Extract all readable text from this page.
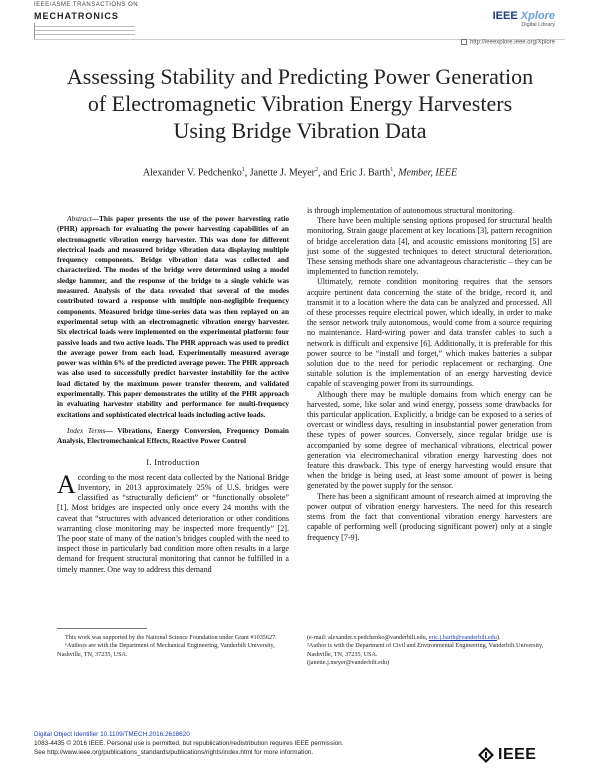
IEEE/ASME TRANSACTIONS ON
MECHATRONICS	IEEE Xplore
Digital Library
http://ieeexplore.ieee.org/Xplore
Assessing Stability and Predicting Power Generation of Electromagnetic Vibration Energy Harvesters Using Bridge Vibration Data
Alexander V. Pedchenko$^1$, Janette J. Meyer$^2$, and Eric J. Barth$^1$, Member, IEEE
Abstract—This paper presents the use of the power harvesting ratio (PHR) approach for evaluating the power harvesting capabilities of an electromagnetic vibration energy harvester. This was done for different electrical loads and measured bridge vibration data displaying multiple frequency components. Bridge vibration data was collected and characterized. The modes of the bridge were determined using a model sledge hammer, and the response of the bridge to a single vehicle was measured. Analysis of the data revealed that several of the modes contributed toward a response with multiple non-negligible frequency components. Measured bridge time-series data was then replayed on an experimental setup with an electromagnetic vibration energy harvester. Six electrical loads were implemented on the experimental platform: four passive loads and two active loads. The PHR approach was used to predict the average power from each load. Experimentally measured average power was within 6% of the predicted average power. The PHR approach was also used to successfully predict harvester instability for the active load dictated by the maximum power transfer theorem, and validated experimentally. This paper demonstrates the utility of the PHR approach in evaluating harvester stability and performance for multi-frequency excitations and sophisticated electrical loads including active loads.
Index Terms— Vibrations, Energy Conversion, Frequency Domain Analysis, Electromechanical Effects, Reactive Power Control
I. Introduction

According to the most recent data collected by the National Bridge Inventory, in 2013 approximately 25% of U.S. bridges were classified as “structurally deficient” or “functionally obsolete” [1]. Most bridges are inspected only once every 24 months with the caveat that “structures with advanced deterioration or other conditions warranting close monitoring may be inspected more frequently” [2]. The poor state of many of the nation’s bridges coupled with the need to inspect those in particularly bad condition more often results in a large demand for frequent structural monitoring that cannot be fulfilled in a timely manner. One way to address this demand

is through implementation of autonomous structural monitoring.

There have been multiple sensing options proposed for structural health monitoring. Strain gauge placement at key locations [3], pattern recognition of bridge acceleration data [4], and acoustic emissions monitoring [5] are just some of the suggested techniques to detect structural deterioration. These sensing methods share one advantageous characteristic – they can be implemented to function remotely.

Ultimately, remote condition monitoring requires that the sensors acquire pertinent data concerning the state of the bridge, record it, and transmit it to a location where the data can be analyzed and processed. All of these processes require electrical power, which ideally, in order to make the sensor network truly autonomous, would come from a source requiring no maintenance. Hard-wiring power and data transfer cables to such a network is difficult and expensive [6]. Additionally, it is preferable for this power source to be “install and forget,” which makes batteries a subpar solution due to the need for periodic replacement or recharging. One suitable solution is the implementation of an energy harvesting device capable of scavenging power from its surroundings.

Although there may be multiple domains from which energy can be harvested, some, like solar and wind energy, possess some drawbacks for this particular application. Explicitly, a bridge can be exposed to a series of overcast or windless days, resulting in insubstantial power generation from these types of power sources. Conversely, since regular bridge use is accompanied by some degree of mechanical vibrations, electrical power generation via electromechanical vibration energy harvesting does not feature this drawback. This type of energy harvesting would ensure that when the bridge is being used, at least some amount of power is being generated by the power supply for the sensor.

There has been a significant amount of research aimed at improving the power output of vibration energy harvesters. The need for this research stems from the fact that conventional vibration energy harvesters are capable of performing well (producing significant power) only at a single frequency [7-9].

This work was supported by the National Science Foundation under Grant #1035627.

¹Authors are with the Department of Mechanical Engineering, Vanderbilt University, Nashville, TN, 37235, USA.

(e-mail: alexander.v.pedchenko@vanderbilt.edu, eric.j.barth@vanderbilt.edu).

²Author is with the Department of Civil and Environmental Engineering, Vanderbilt University, Nashville, TN, 37235, USA.

(janette.j.meyer@vanderbilt.edu)

Digital Object Identifier 10.1109/TMECH.2016.2618620
1083-4435 © 2016 IEEE. Personal use is permitted, but republication/redistribution requires IEEE permission.
See http://www.ieee.org/publications_standards/publications/rights/index.html for more information.	IEEE
